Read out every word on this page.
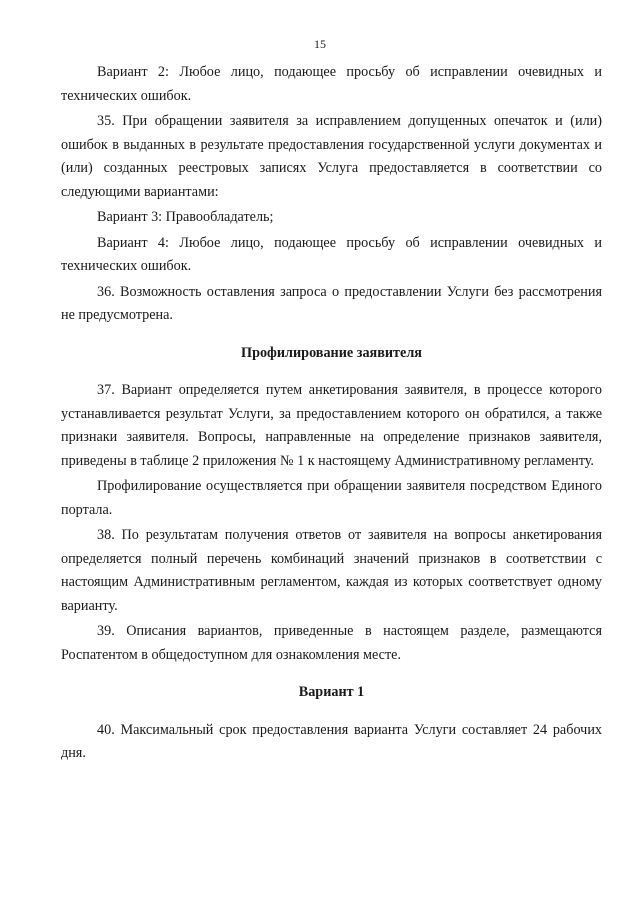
15

Вариант 2: Любое лицо, подающее просьбу об исправлении очевидных и технических ошибок.

35. При обращении заявителя за исправлением допущенных опечаток и (или) ошибок в выданных в результате предоставления государственной услуги документах и (или) созданных реестровых записях Услуга предоставляется в соответствии со следующими вариантами:

Вариант 3: Правообладатель;

Вариант 4: Любое лицо, подающее просьбу об исправлении очевидных и технических ошибок.

36. Возможность оставления запроса о предоставлении Услуги без рассмотрения не предусмотрена.

Профилирование заявителя

37. Вариант определяется путем анкетирования заявителя, в процессе которого устанавливается результат Услуги, за предоставлением которого он обратился, а также признаки заявителя. Вопросы, направленные на определение признаков заявителя, приведены в таблице 2 приложения № 1 к настоящему Административному регламенту.

Профилирование осуществляется при обращении заявителя посредством Единого портала.

38. По результатам получения ответов от заявителя на вопросы анкетирования определяется полный перечень комбинаций значений признаков в соответствии с настоящим Административным регламентом, каждая из которых соответствует одному варианту.

39. Описания вариантов, приведенные в настоящем разделе, размещаются Роспатентом в общедоступном для ознакомления месте.

Вариант 1

40. Максимальный срок предоставления варианта Услуги составляет 24 рабочих дня.
